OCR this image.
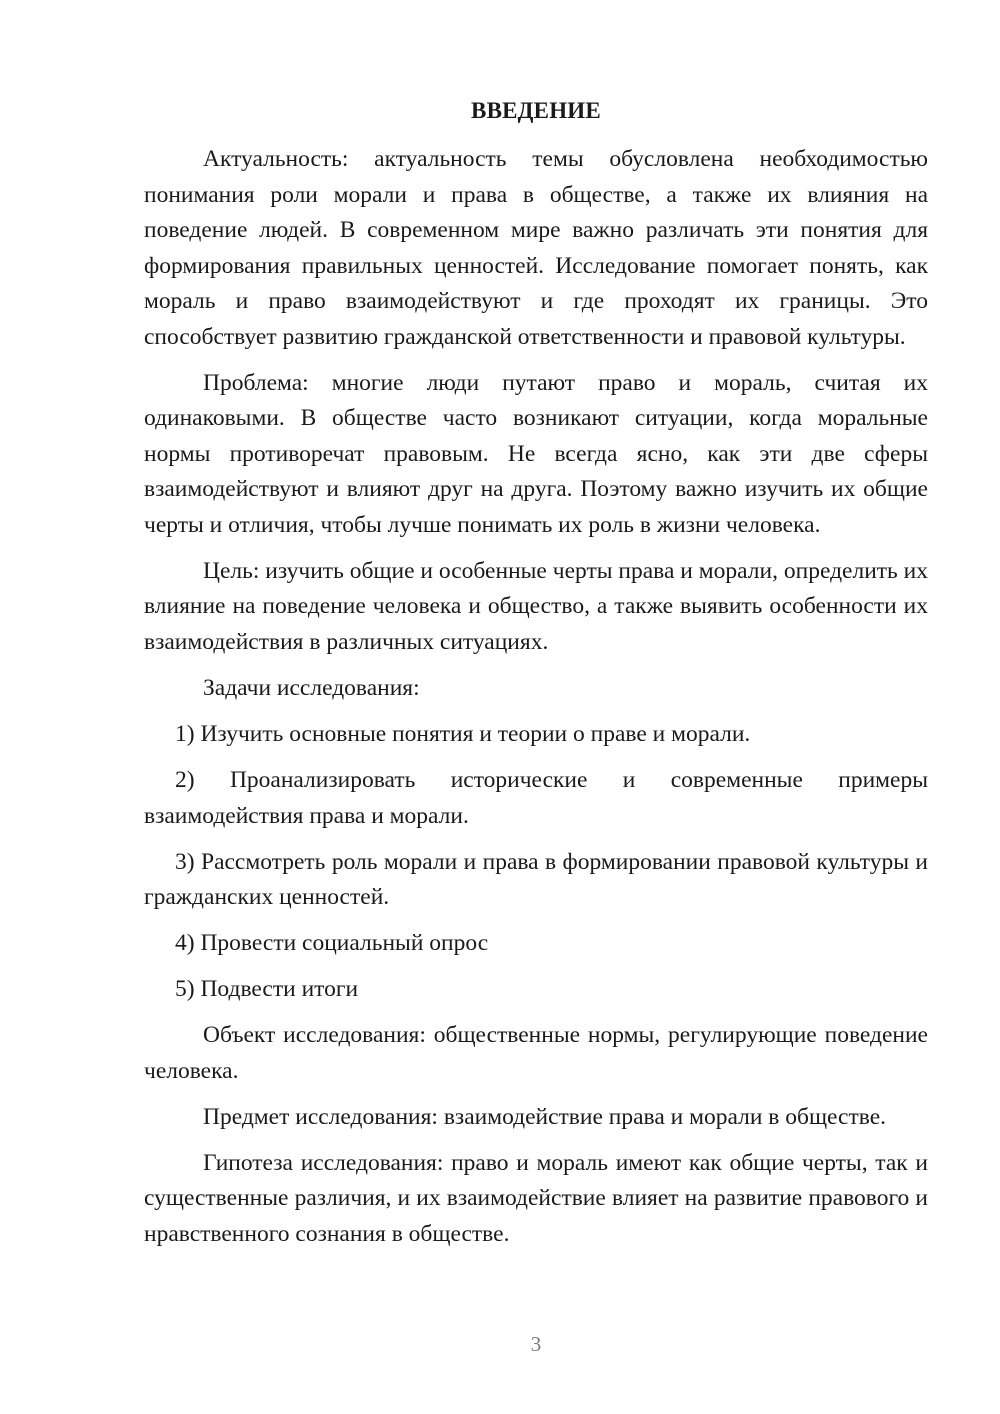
ВВЕДЕНИЕ

Актуальность: актуальность темы обусловлена необходимостью понимания роли морали и права в обществе, а также их влияния на поведение людей. В современном мире важно различать эти понятия для формирования правильных ценностей. Исследование помогает понять, как мораль и право взаимодействуют и где проходят их границы. Это способствует развитию гражданской ответственности и правовой культуры.

Проблема: многие люди путают право и мораль, считая их одинаковыми. В обществе часто возникают ситуации, когда моральные нормы противоречат правовым. Не всегда ясно, как эти две сферы взаимодействуют и влияют друг на друга. Поэтому важно изучить их общие черты и отличия, чтобы лучше понимать их роль в жизни человека.

Цель: изучить общие и особенные черты права и морали, определить их влияние на поведение человека и общество, а также выявить особенности их взаимодействия в различных ситуациях.

Задачи исследования:

1) Изучить основные понятия и теории о праве и морали.

2) Проанализировать исторические и современные примеры взаимодействия права и морали.

3) Рассмотреть роль морали и права в формировании правовой культуры и гражданских ценностей.

4) Провести социальный опрос

5) Подвести итоги

Объект исследования: общественные нормы, регулирующие поведение человека.

Предмет исследования: взаимодействие права и морали в обществе.

Гипотеза исследования: право и мораль имеют как общие черты, так и существенные различия, и их взаимодействие влияет на развитие правового и нравственного сознания в обществе.

3
